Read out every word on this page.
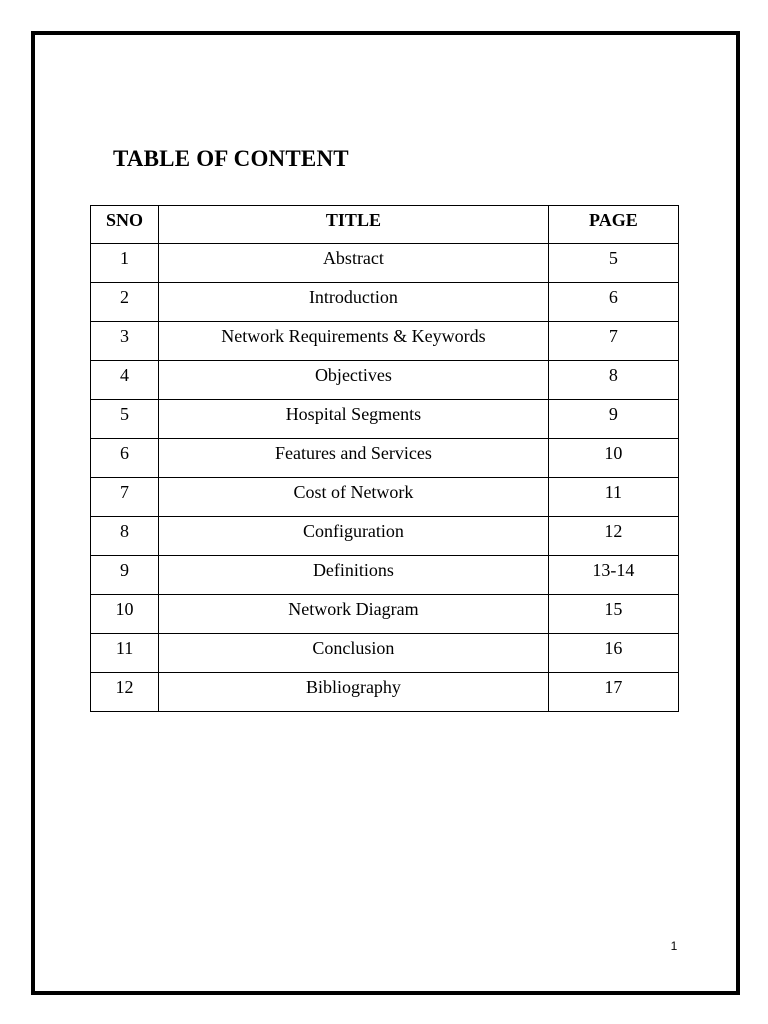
TABLE OF CONTENT
SNO	TITLE	PAGE
1	Abstract	5
2	Introduction	6
3	Network Requirements & Keywords	7
4	Objectives	8
5	Hospital Segments	9
6	Features and Services	10
7	Cost of Network	11
8	Configuration	12
9	Definitions	13-14
10	Network Diagram	15
11	Conclusion	16
12	Bibliography	17
1
